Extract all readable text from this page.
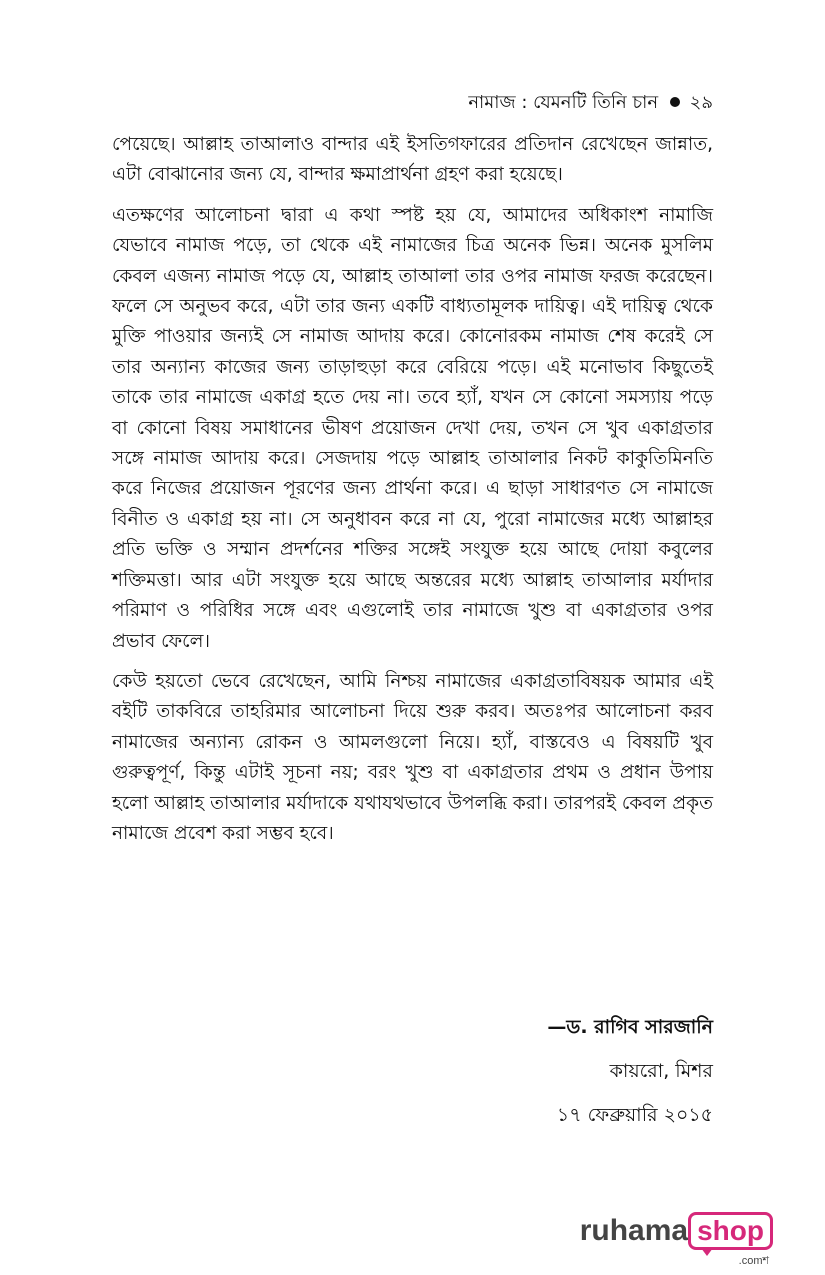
নামাজ : যেমনটি তিনি চান ২৯

পেয়েছে। আল্লাহ তাআলাও বান্দার এই ইসতিগফারের প্রতিদান রেখেছেন জান্নাত, এটা বোঝানোর জন্য যে, বান্দার ক্ষমাপ্রার্থনা গ্রহণ করা হয়েছে।

এতক্ষণের আলোচনা দ্বারা এ কথা স্পষ্ট হয় যে, আমাদের অধিকাংশ নামাজি যেভাবে নামাজ পড়ে, তা থেকে এই নামাজের চিত্র অনেক ভিন্ন। অনেক মুসলিম কেবল এজন্য নামাজ পড়ে যে, আল্লাহ তাআলা তার ওপর নামাজ ফরজ করেছেন। ফলে সে অনুভব করে, এটা তার জন্য একটি বাধ্যতামূলক দায়িত্ব। এই দায়িত্ব থেকে মুক্তি পাওয়ার জন্যই সে নামাজ আদায় করে। কোনোরকম নামাজ শেষ করেই সে তার অন্যান্য কাজের জন্য তাড়াহুড়া করে বেরিয়ে পড়ে। এই মনোভাব কিছুতেই তাকে তার নামাজে একাগ্র হতে দেয় না। তবে হ্যাঁ, যখন সে কোনো সমস্যায় পড়ে বা কোনো বিষয় সমাধানের ভীষণ প্রয়োজন দেখা দেয়, তখন সে খুব একাগ্রতার সঙ্গে নামাজ আদায় করে। সেজদায় পড়ে আল্লাহ তাআলার নিকট কাকুতিমিনতি করে নিজের প্রয়োজন পূরণের জন্য প্রার্থনা করে। এ ছাড়া সাধারণত সে নামাজে বিনীত ও একাগ্র হয় না। সে অনুধাবন করে না যে, পুরো নামাজের মধ্যে আল্লাহর প্রতি ভক্তি ও সম্মান প্রদর্শনের শক্তির সঙ্গেই সংযুক্ত হয়ে আছে দোয়া কবুলের শক্তিমত্তা। আর এটা সংযুক্ত হয়ে আছে অন্তরের মধ্যে আল্লাহ তাআলার মর্যাদার পরিমাণ ও পরিধির সঙ্গে এবং এগুলোই তার নামাজে খুশু বা একাগ্রতার ওপর প্রভাব ফেলে।

কেউ হয়তো ভেবে রেখেছেন, আমি নিশ্চয় নামাজের একাগ্রতাবিষয়ক আমার এই বইটি তাকবিরে তাহরিমার আলোচনা দিয়ে শুরু করব। অতঃপর আলোচনা করব নামাজের অন্যান্য রোকন ও আমলগুলো নিয়ে। হ্যাঁ, বাস্তবেও এ বিষয়টি খুব গুরুত্বপূর্ণ, কিন্তু এটাই সূচনা নয়; বরং খুশু বা একাগ্রতার প্রথম ও প্রধান উপায় হলো আল্লাহ তাআলার মর্যাদাকে যথাযথভাবে উপলব্ধি করা। তারপরই কেবল প্রকৃত নামাজে প্রবেশ করা সম্ভব হবে।

—ড. রাগিব সারজানি
কায়রো, মিশর
১৭ ফেব্রুয়ারি ২০১৫
ruhama shop
.comশ
